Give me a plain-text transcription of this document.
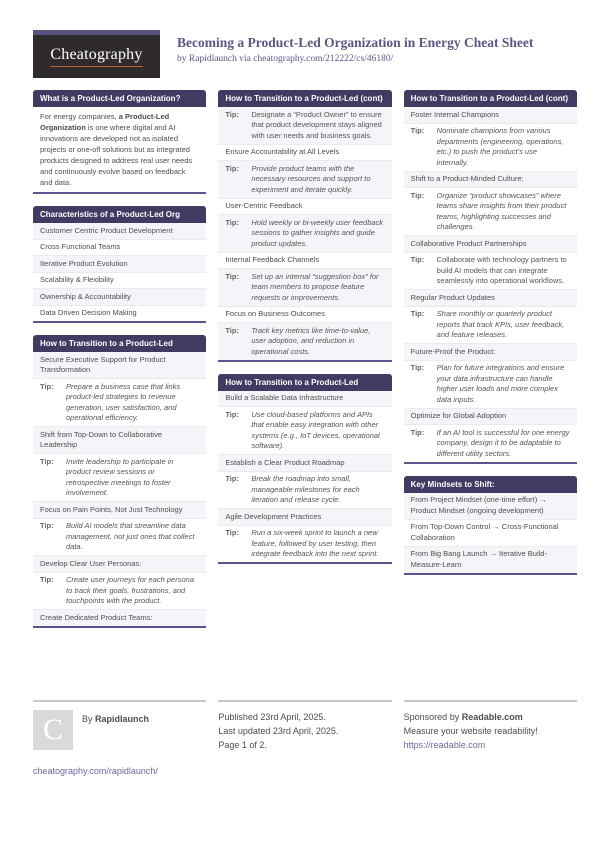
Cheatography
Becoming a Product-Led Organization in Energy Cheat Sheet
by Rapidlaunch via cheatography.com/212222/cs/46180/
What is a Product-Led Organization?
For energy companies, a Product-Led Organization is one where digital and AI innovations are developed not as isolated projects or one-off solutions but as integrated products designed to address real user needs and continuously evolve based on feedback and data.
Characteristics of a Product-Led Org
Customer Centric Product Development
Cross Functional Teams
Iterative Product Evolution
Scalability & Flexibility
Ownership & Accountability
Data Driven Decision Making
How to Transition to a Product-Led
Secure Executive Support for Product Transformation
Tip:	Prepare a business case that links product-led strategies to revenue generation, user satisfaction, and operational efficiency.
Shift from Top-Down to Collaborative Leadership
Tip:	Invite leadership to participate in product review sessions or retrospective meetings to foster involvement.
Focus on Pain Points, Not Just Technology
Tip:	Build AI models that streamline data management, not just ones that collect data.
Develop Clear User Personas:
Tip:	Create user journeys for each persona to track their goals, frustrations, and touchpoints with the product.
Create Dedicated Product Teams:
How to Transition to a Product-Led (cont)
Tip:	Designate a “Product Owner” to ensure that product development stays aligned with user needs and business goals.
Ensure Accountability at All Levels
Tip:	Provide product teams with the necessary resources and support to experiment and iterate quickly.
User-Centric Feedback
Tip:	Hold weekly or bi-weekly user feedback sessions to gather insights and guide product updates.
Internal Feedback Channels
Tip:	Set up an internal “suggestion box” for team members to propose feature requests or improvements.
Focus on Business Outcomes
Tip:	Track key metrics like time-to-value, user adoption, and reduction in operational costs.
How to Transition to a Product-Led
Build a Scalable Data Infrastructure
Tip:	Use cloud-based platforms and APIs that enable easy integration with other systems (e.g., IoT devices, operational software).
Establish a Clear Product Roadmap
Tip:	Break the roadmap into small, manageable milestones for each iteration and release cycle.
Agile Development Practices
Tip:	Run a six-week sprint to launch a new feature, followed by user testing, then integrate feedback into the next sprint.
How to Transition to a Product-Led (cont)
Foster Internal Champions
Tip:	Nominate champions from various departments (engineering, operations, etc.) to push the product’s use internally.
Shift to a Product-Minded Culture:
Tip:	Organize “product showcases” where teams share insights from their product teams, highlighting successes and challenges.
Collaborative Product Partnerships
Tip:	Collaborate with technology partners to build AI models that can integrate seamlessly into operational workflows.
Regular Product Updates
Tip:	Share monthly or quarterly product reports that track KPIs, user feedback, and feature releases.
Future-Proof the Product:
Tip:	Plan for future integrations and ensure your data infrastructure can handle higher user loads and more complex data inputs.
Optimize for Global Adoption
Tip:	If an AI tool is successful for one energy company, design it to be adaptable to different utility sectors.
Key Mindsets to Shift:
From Project Mindset (one-time effort) → Product Mindset (ongoing development)
From Top-Down Control → Cross-Functional Collaboration
From Big Bang Launch → Iterative Build-Measure-Learn
C By Rapidlaunch
cheatography.com/rapidlaunch/
Published 23rd April, 2025.
Last updated 23rd April, 2025.
Page 1 of 2.
Sponsored by Readable.com
Measure your website readability!
https://readable.com
